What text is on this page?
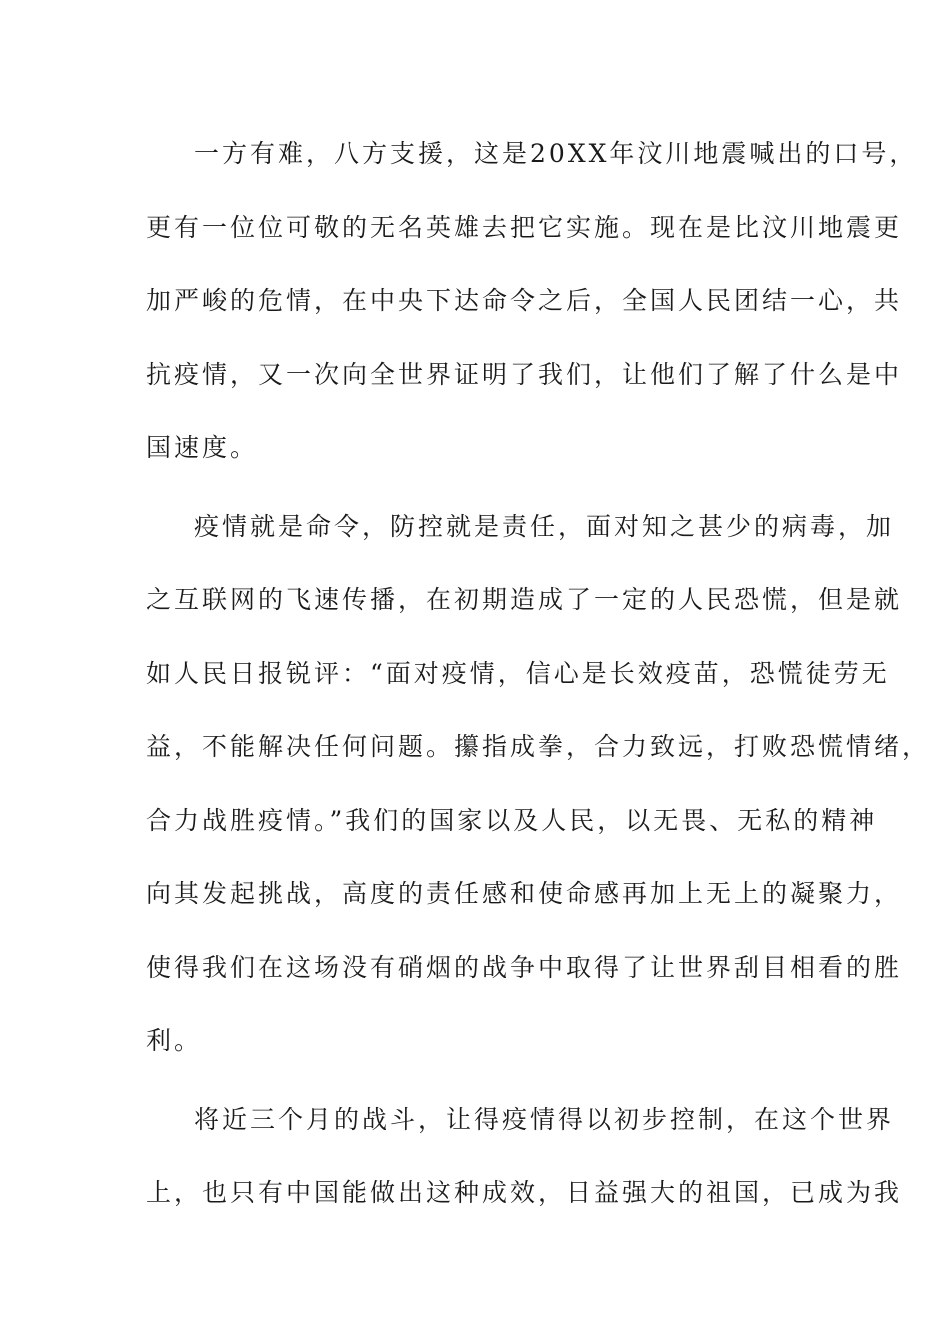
一方有难，八方支援，这是20XX年汶川地震喊出的口号，
更有一位位可敬的无名英雄去把它实施。现在是比汶川地震更
加严峻的危情，在中央下达命令之后，全国人民团结一心，共
抗疫情，又一次向全世界证明了我们，让他们了解了什么是中
国速度。
疫情就是命令，防控就是责任，面对知之甚少的病毒，加
之互联网的飞速传播，在初期造成了一定的人民恐慌，但是就
如人民日报锐评：“面对疫情，信心是长效疫苗，恐慌徒劳无
益，不能解决任何问题。攥指成拳，合力致远，打败恐慌情绪，
合力战胜疫情。”我们的国家以及人民，以无畏、无私的精神
向其发起挑战，高度的责任感和使命感再加上无上的凝聚力，
使得我们在这场没有硝烟的战争中取得了让世界刮目相看的胜
利。
将近三个月的战斗，让得疫情得以初步控制，在这个世界
上，也只有中国能做出这种成效，日益强大的祖国，已成为我
